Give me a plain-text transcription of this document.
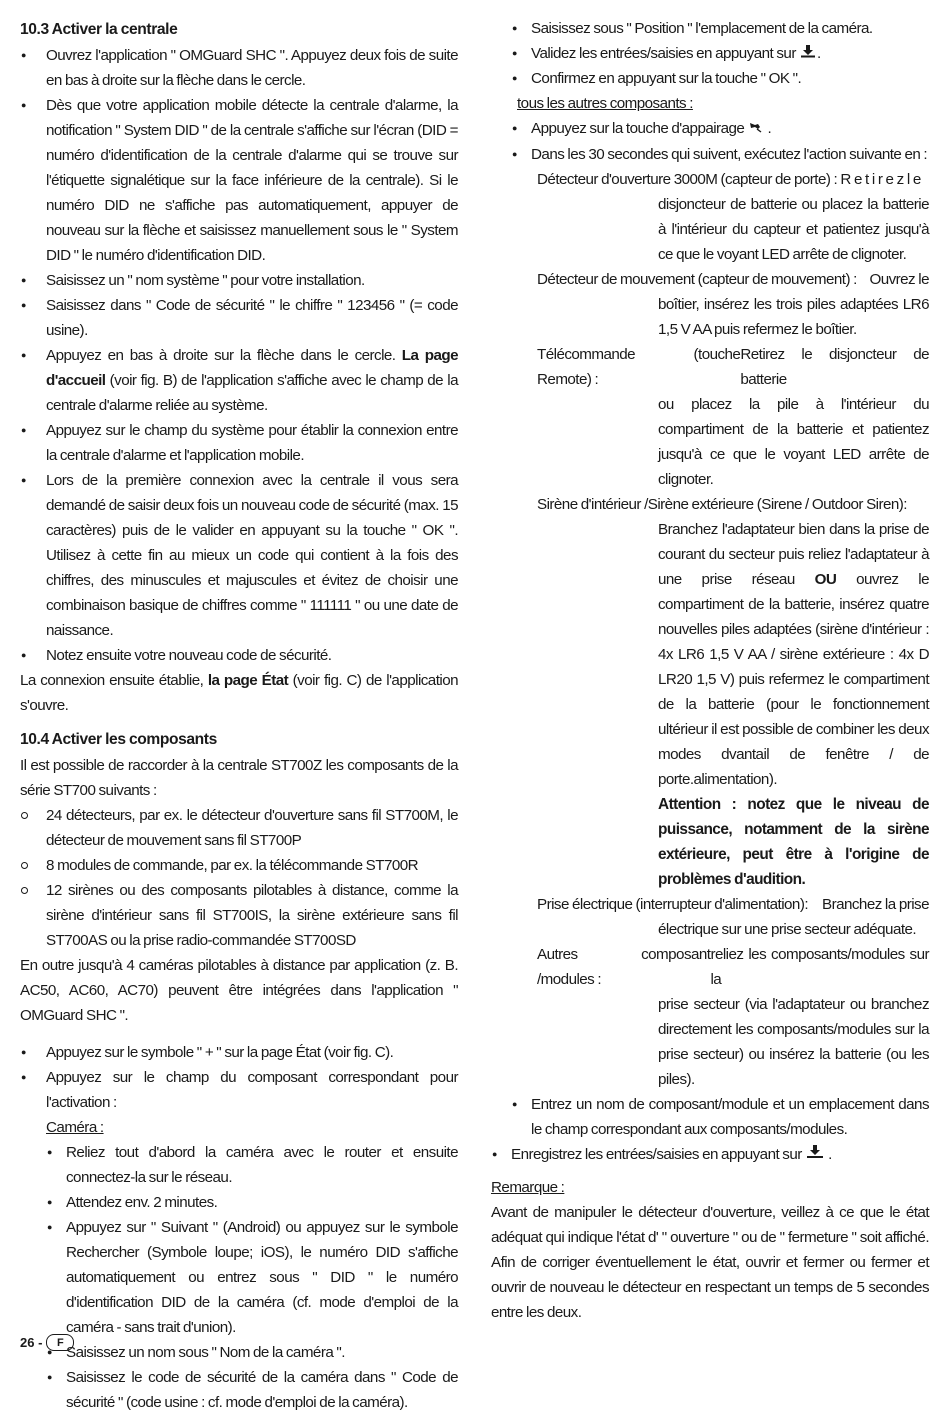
10.3 Activer la centrale
● Ouvrez l'application " OMGuard SHC ". Appuyez deux fois de suite en bas à droite sur la flèche dans le cercle.
● Dès que votre application mobile détecte la centrale d'alarme, la notification " System DID " de la centrale s'affiche sur l'écran (DID = numéro d'identification de la centrale d'alarme qui se trouve sur l'étiquette signalétique sur la face inférieure de la centrale). Si le numéro DID ne s'affiche pas automatiquement, appuyer de nouveau sur la flèche et saisissez manuellement sous le " System DID " le numéro d'identification DID.
● Saisissez un " nom système " pour votre installation.
● Saisissez dans " Code de sécurité " le chiffre " 123456 " (= code usine).
● Appuyez en bas à droite sur la flèche dans le cercle. La page d'accueil (voir fig. B) de l'application s'affiche avec le champ de la centrale d'alarme reliée au système.
● Appuyez sur le champ du système pour établir la connexion entre la centrale d'alarme et l'application mobile.
● Lors de la première connexion avec la centrale il vous sera demandé de saisir deux fois un nouveau code de sécurité (max. 15 caractères) puis de le valider en appuyant su la touche " OK ". Utilisez à cette fin au mieux un code qui contient à la fois des chiffres, des minuscules et majuscules et évitez de choisir une combinaison basique de chiffres comme " 111111 " ou une date de naissance.
● Notez ensuite votre nouveau code de sécurité.

La connexion ensuite établie, la page État (voir fig. C) de l'application s'ouvre.

10.4 Activer les composants

Il est possible de raccorder à la centrale ST700Z les composants de la série ST700 suivants :

24 détecteurs, par ex. le détecteur d'ouverture sans fil ST700M, le détecteur de mouvement sans fil ST700P
8 modules de commande, par ex. la télécommande ST700R
12 sirènes ou des composants pilotables à distance, comme la sirène d'intérieur sans fil ST700IS, la sirène extérieure sans fil ST700AS ou la prise radio-commandée ST700SD

En outre jusqu'à 4 caméras pilotables à distance par application (z. B. AC50, AC60, AC70) peuvent être intégrées dans l'application " OMGuard SHC ".

● Appuyez sur le symbole " + " sur la page État (voir fig. C).
● Appuyez sur le champ du composant correspondant pour l'activation :
Caméra :
● Reliez tout d'abord la caméra avec le router et ensuite connectez-la sur le réseau.
● Attendez env. 2 minutes.
● Appuyez sur " Suivant " (Android) ou appuyez sur le symbole Rechercher (Symbole loupe; iOS), le numéro DID s'affiche automatiquement ou entrez sous " DID " le numéro d'identification DID de la caméra (cf. mode d'emploi de la caméra - sans trait d'union).
● Saisissez un nom sous " Nom de la caméra ".
● Saisissez le code de sécurité de la caméra dans " Code de sécurité " (code usine : cf. mode d'emploi de la caméra).
● Saisissez sous " Position " l'emplacement de la caméra.
● Validez les entrées/saisies en appuyant sur .
● Confirmez en appuyant sur la touche " OK ".
tous les autres composants :
● Appuyez sur la touche d'appairage .
● Dans les 30 secondes qui suivent, exécutez l'action suivante en :
Détecteur d'ouverture 3000M (capteur de porte) : R e t i r e z l e
disjoncteur de batterie ou placez la batterie à l'intérieur du capteur et patientez jusqu'à ce que le voyant LED arrête de clignoter.
Détecteur de mouvement (capteur de mouvement) : Ouvrez le
boîtier, insérez les trois piles adaptées LR6 1,5 V AA puis refermez le boîtier.
Télécommande (touche Remote) :
Retirez le disjoncteur de batterie
ou placez la pile à l'intérieur du compartiment de la batterie et patientez jusqu'à ce que le voyant LED arrête de clignoter.
Sirène d'intérieur /Sirène extérieure (Sirene / Outdoor Siren):
Branchez l'adaptateur bien dans la prise de courant du secteur puis reliez l'adaptateur à une prise réseau OU ouvrez le compartiment de la batterie, insérez quatre nouvelles piles adaptées (sirène d'intérieur : 4x LR6 1,5 V AA / sirène extérieure : 4x D LR20 1,5 V) puis refermez le compartiment de la batterie (pour le fonctionnement ultérieur il est possible de combiner les deux modes dvantail de fenêtre / de porte.alimentation).
Attention : notez que le niveau de puissance, notamment de la sirène extérieure, peut être à l'origine de problèmes d'audition.
Prise électrique (interrupteur d'alimentation): Branchez la prise
électrique sur une prise secteur adéquate.
Autres composant /modules :
reliez les composants/modules sur la
prise secteur (via l'adaptateur ou branchez directement les composants/modules sur la prise secteur) ou insérez la batterie (ou les piles).
● Entrez un nom de composant/module et un emplacement dans le champ correspondant aux composants/modules.
● Enregistrez les entrées/saisies en appuyant sur  .
Remarque :

Avant de manipuler le détecteur d'ouverture, veillez à ce que le état adéquat qui indique l'état d' " ouverture " ou de " fermeture " soit affiché. Afin de corriger éventuellement le état, ouvrir et fermer ou fermer et ouvrir de nouveau le détecteur en respectant un temps de 5 secondes entre les deux.

26 -	F
